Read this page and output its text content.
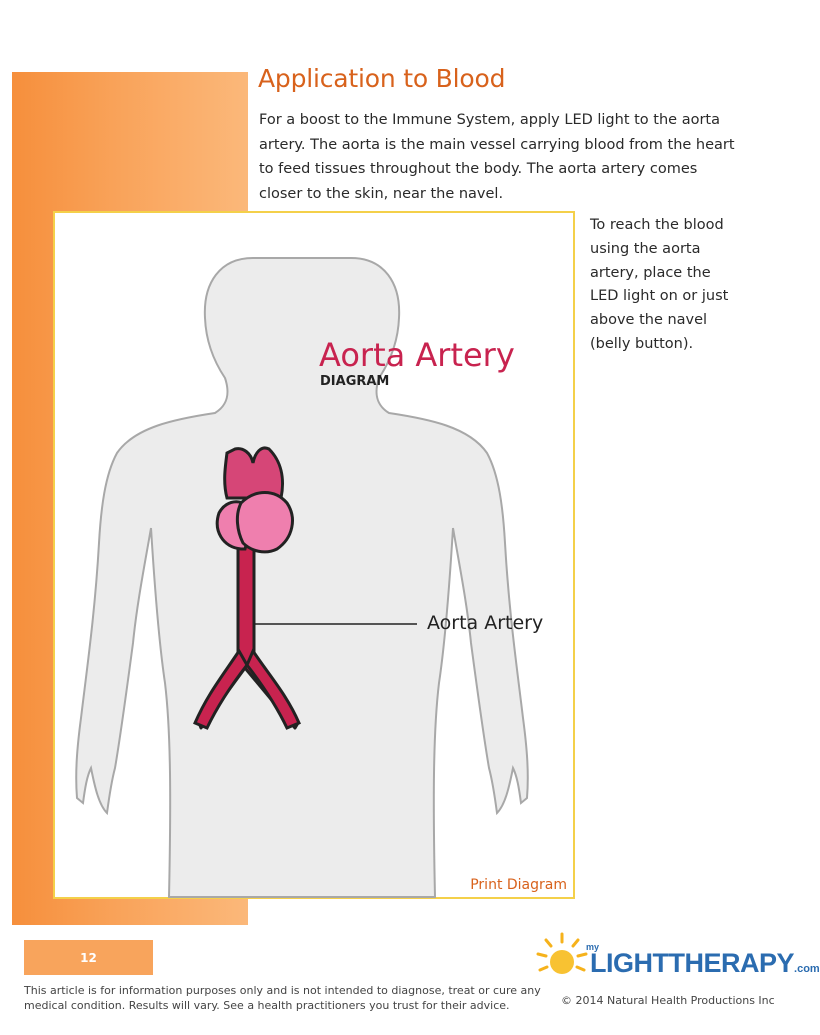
Application to Blood

For a boost to the Immune System, apply LED light to the aorta artery. The aorta is the main vessel carrying blood from the heart to feed tissues throughout the body. The aorta artery comes closer to the skin, near the navel.

To reach the blood using the aorta artery, place the LED light on or just above the navel (belly button).

Aorta Artery
DIAGRAM
Aorta Artery
Print Diagram
12

This article is for information purposes only and is not intended to diagnose, treat or cure any medical condition. Results will vary. See a health practitioners you trust for their advice.

my
LIGHTTHERAPY.com

© 2014 Natural Health Productions Inc
